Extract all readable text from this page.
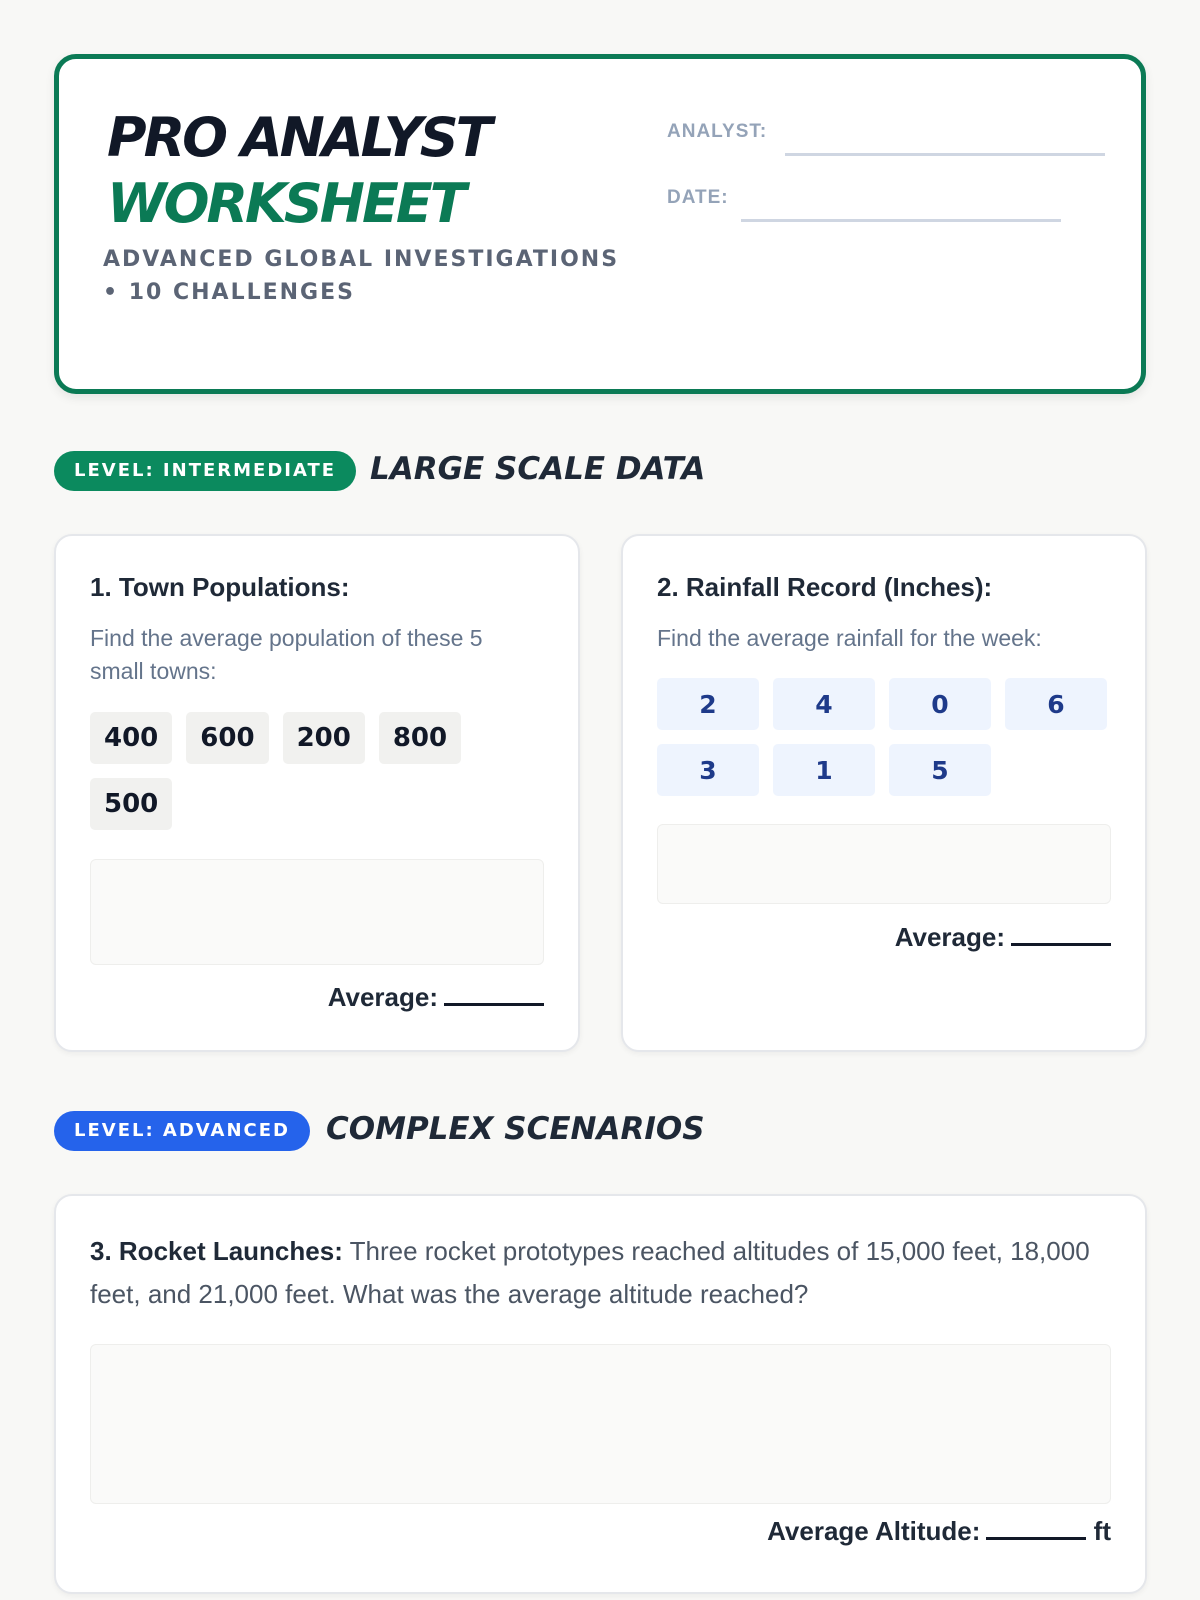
PRO ANALYST
WORKSHEET
ADVANCED GLOBAL INVESTIGATIONS • 10 CHALLENGES
ANALYST:
DATE:
LEVEL: INTERMEDIATE	LARGE SCALE DATA
1. Town Populations:
Find the average population of these 5 small towns:
400	600	200	800
500
Average:
2. Rainfall Record (Inches):
Find the average rainfall for the week:
2	4	0	6
3	1	5
Average:
LEVEL: ADVANCED	COMPLEX SCENARIOS
3. Rocket Launches: Three rocket prototypes reached altitudes of 15,000 feet, 18,000 feet, and 21,000 feet. What was the average altitude reached?
Average Altitude:	ft
